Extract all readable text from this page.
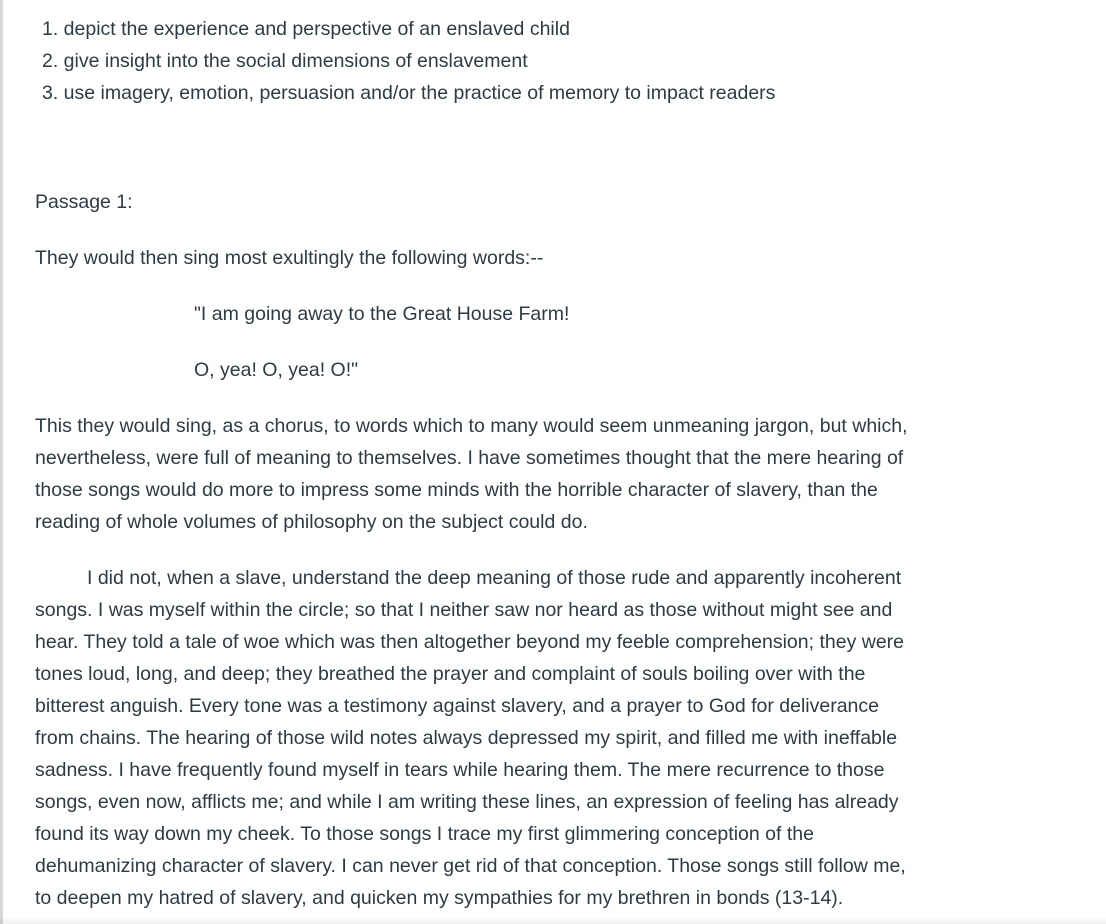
1. depict the experience and perspective of an enslaved child
2. give insight into the social dimensions of enslavement
3. use imagery, emotion, persuasion and/or the practice of memory to impact readers
Passage 1:
They would then sing most exultingly the following words:--
"I am going away to the Great House Farm!
O, yea! O, yea! O!"

This they would sing, as a chorus, to words which to many would seem unmeaning jargon, but which,
nevertheless, were full of meaning to themselves. I have sometimes thought that the mere hearing of
those songs would do more to impress some minds with the horrible character of slavery, than the
reading of whole volumes of philosophy on the subject could do.

I did not, when a slave, understand the deep meaning of those rude and apparently incoherent
songs. I was myself within the circle; so that I neither saw nor heard as those without might see and
hear. They told a tale of woe which was then altogether beyond my feeble comprehension; they were
tones loud, long, and deep; they breathed the prayer and complaint of souls boiling over with the
bitterest anguish. Every tone was a testimony against slavery, and a prayer to God for deliverance
from chains. The hearing of those wild notes always depressed my spirit, and filled me with ineffable
sadness. I have frequently found myself in tears while hearing them. The mere recurrence to those
songs, even now, afflicts me; and while I am writing these lines, an expression of feeling has already
found its way down my cheek. To those songs I trace my first glimmering conception of the
dehumanizing character of slavery. I can never get rid of that conception. Those songs still follow me,
to deepen my hatred of slavery, and quicken my sympathies for my brethren in bonds (13-14).
